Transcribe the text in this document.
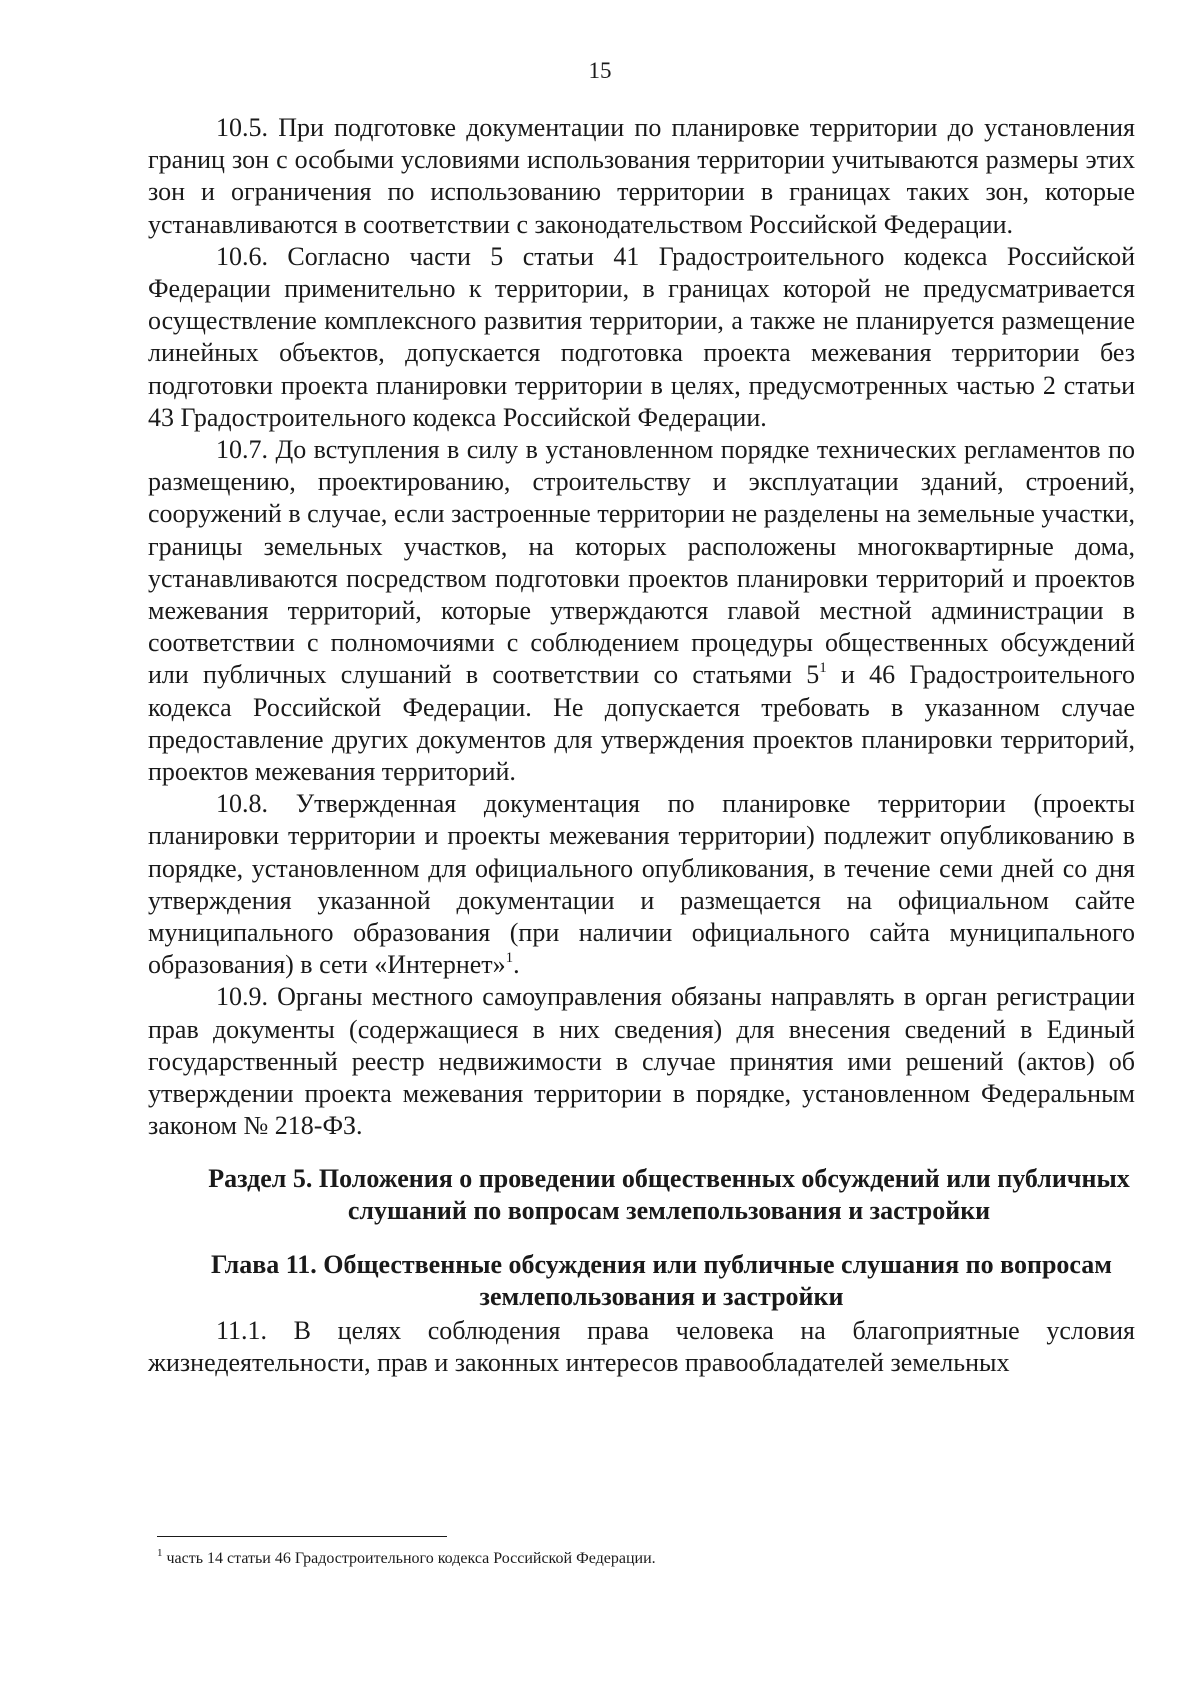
15

10.5. При подготовке документации по планировке территории до установления границ зон с особыми условиями использования территории учитываются размеры этих зон и ограничения по использованию территории в границах таких зон, которые устанавливаются в соответствии с законодательством Российской Федерации.

10.6. Согласно части 5 статьи 41 Градостроительного кодекса Российской Федерации применительно к территории, в границах которой не предусматривается осуществление комплексного развития территории, а также не планируется размещение линейных объектов, допускается подготовка проекта межевания территории без подготовки проекта планировки территории в целях, предусмотренных частью 2 статьи 43 Градостроительного кодекса Российской Федерации.

10.7. До вступления в силу в установленном порядке технических регламентов по размещению, проектированию, строительству и эксплуатации зданий, строений, сооружений в случае, если застроенные территории не разделены на земельные участки, границы земельных участков, на которых расположены многоквартирные дома, устанавливаются посредством подготовки проектов планировки территорий и проектов межевания территорий, которые утверждаются главой местной администрации в соответствии с полномочиями с соблюдением процедуры общественных обсуждений или публичных слушаний в соответствии со статьями $5^1$ и 46 Градостроительного кодекса Российской Федерации. Не допускается требовать в указанном случае предоставление других документов для утверждения проектов планировки территорий, проектов межевания территорий.

10.8. Утвержденная документация по планировке территории (проекты планировки территории и проекты межевания территории) подлежит опубликованию в порядке, установленном для официального опубликования, в течение семи дней со дня утверждения указанной документации и размещается на официальном сайте муниципального образования (при наличии официального сайта муниципального образования) в сети «Интернет»$^1$.

10.9. Органы местного самоуправления обязаны направлять в орган регистрации прав документы (содержащиеся в них сведения) для внесения сведений в Единый государственный реестр недвижимости в случае принятия ими решений (актов) об утверждении проекта межевания территории в порядке, установленном Федеральным законом № 218-ФЗ.

Раздел 5. Положения о проведении общественных обсуждений или публичных слушаний по вопросам землепользования и застройки

Глава 11. Общественные обсуждения или публичные слушания по вопросам землепользования и застройки

11.1. В целях соблюдения права человека на благоприятные условия жизнедеятельности, прав и законных интересов правообладателей земельных

$^1$ часть 14 статьи 46 Градостроительного кодекса Российской Федерации.
